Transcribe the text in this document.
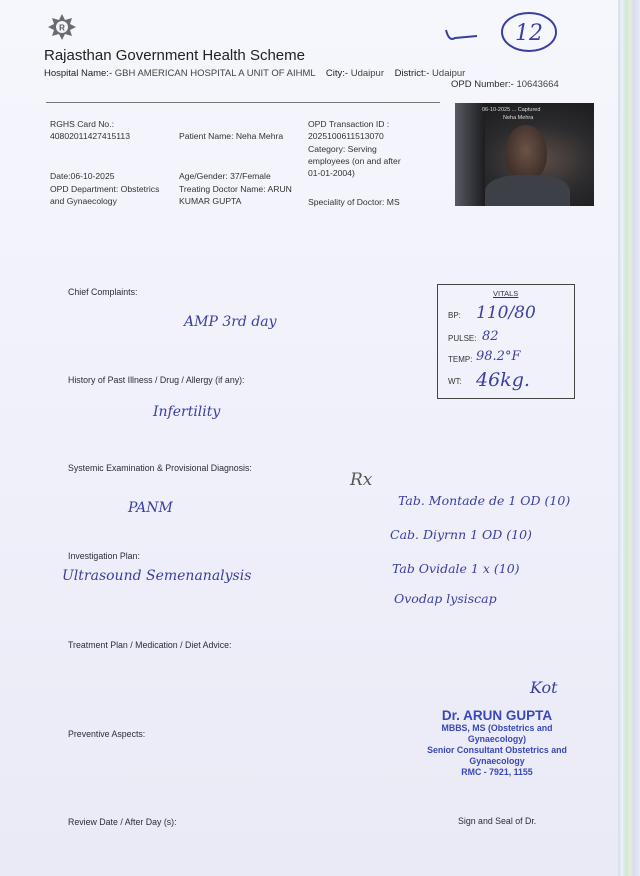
R	12
Rajasthan Government Health Scheme
Hospital Name:- GBH AMERICAN HOSPITAL A UNIT OF AIHML City:- Udaipur District:- Udaipur
OPD Number:- 10643664
RGHS Card No.:
40802011427415113	Patient Name: Neha Mehra
OPD Transaction ID :
2025100611513070
Category: Serving employees (on and after 01-01-2004)
Date:06-10-2025	Age/Gender: 37/Female
OPD Department: Obstetrics and Gynaecology
Treating Doctor Name: ARUN KUMAR GUPTA	Speciality of Doctor: MS
06-10-2025 ... Captured
Neha Mehra
Chief Complaints:
AMP 3rd day
History of Past Illness / Drug / Allergy (if any):
Infertility
Systemic Examination & Provisional Diagnosis:
PANM
Investigation Plan:
Ultrasound Semenanalysis
Treatment Plan / Medication / Diet Advice:
Preventive Aspects:
Review Date / After Day (s):	Sign and Seal of Dr.
VITALS
BP: 110/80
PULSE: 82
TEMP: 98.2°F
WT: 46kg.
Rx
Tab. Montade de 1 OD (10)
Cab. Diyrnn 1 OD (10)
Tab Ovidale 1 x (10)
Ovodap lysiscap
Kot
Dr. ARUN GUPTA
MBBS, MS (Obstetrics and Gynaecology)
Senior Consultant Obstetrics and Gynaecology
RMC - 7921, 1155
